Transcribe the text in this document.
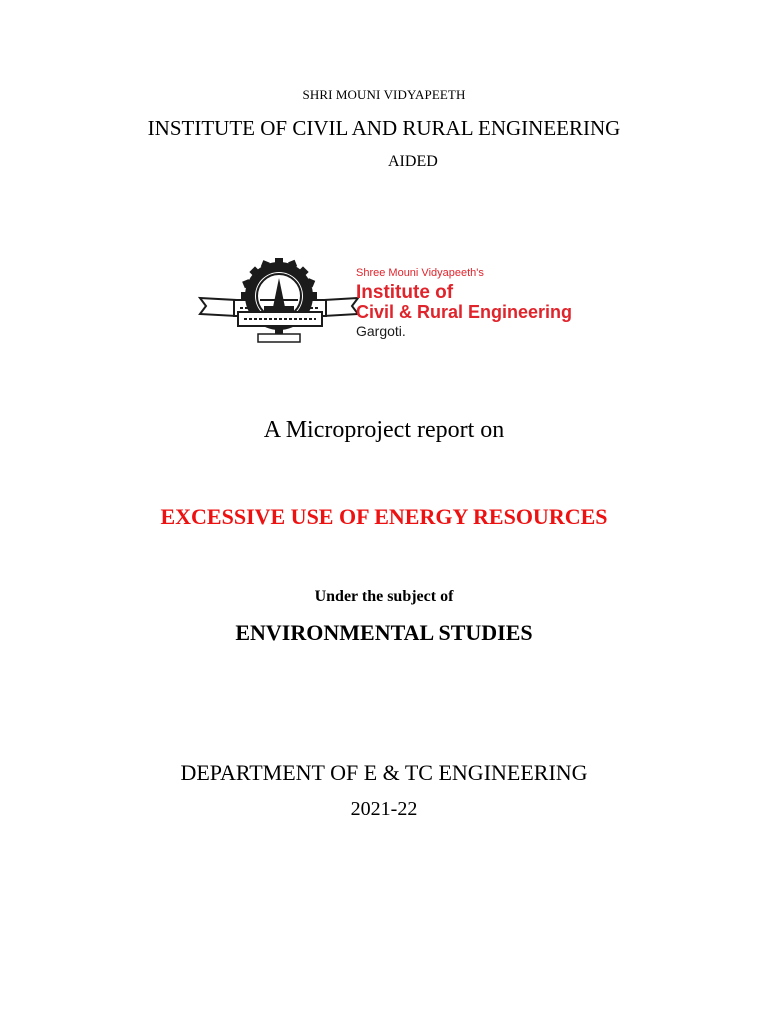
SHRI MOUNI VIDYAPEETH
INSTITUTE OF CIVIL AND RURAL ENGINEERING
AIDED
Shree Mouni Vidyapeeth's
Institute of
Civil & Rural Engineering
Gargoti.
A Microproject report on
EXCESSIVE USE OF ENERGY RESOURCES
Under the subject of
ENVIRONMENTAL STUDIES
DEPARTMENT OF E & TC ENGINEERING
2021-22
